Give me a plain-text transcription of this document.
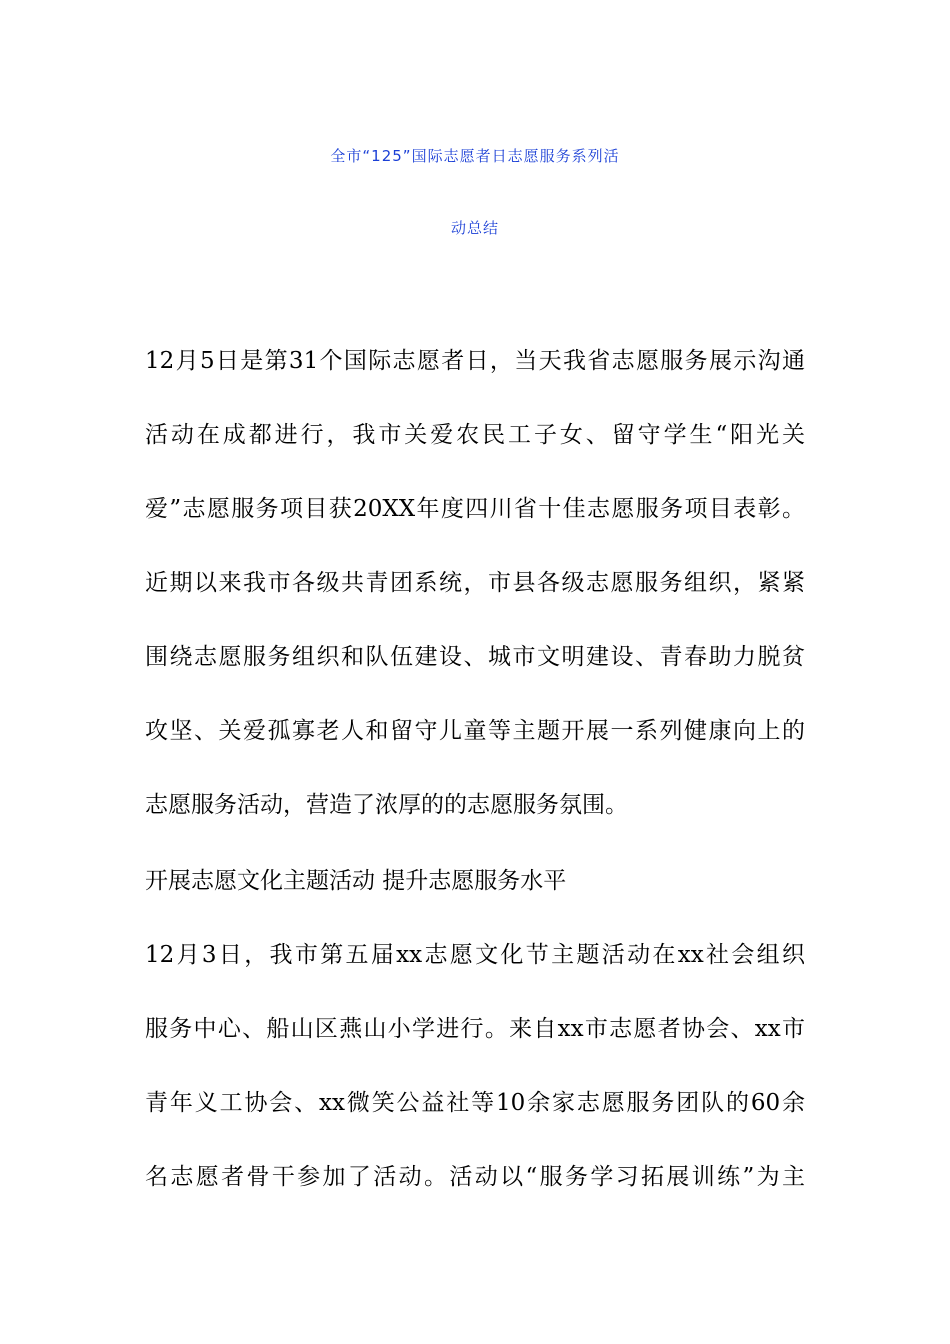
全市“125”国际志愿者日志愿服务系列活
动总结
12月5日是第31个国际志愿者日，当天我省志愿服务展示沟通
活动在成都进行，我市关爱农民工子女、留守学生“阳光关
爱”志愿服务项目获20XX年度四川省十佳志愿服务项目表彰。
近期以来我市各级共青团系统，市县各级志愿服务组织，紧紧
围绕志愿服务组织和队伍建设、城市文明建设、青春助力脱贫
攻坚、关爱孤寡老人和留守儿童等主题开展一系列健康向上的
志愿服务活动，营造了浓厚的的志愿服务氛围。
开展志愿文化主题活动 提升志愿服务水平
12月3日，我市第五届xx志愿文化节主题活动在xx社会组织
服务中心、船山区燕山小学进行。来自xx市志愿者协会、xx市
青年义工协会、xx微笑公益社等10余家志愿服务团队的60余
名志愿者骨干参加了活动。活动以“服务学习拓展训练”为主
